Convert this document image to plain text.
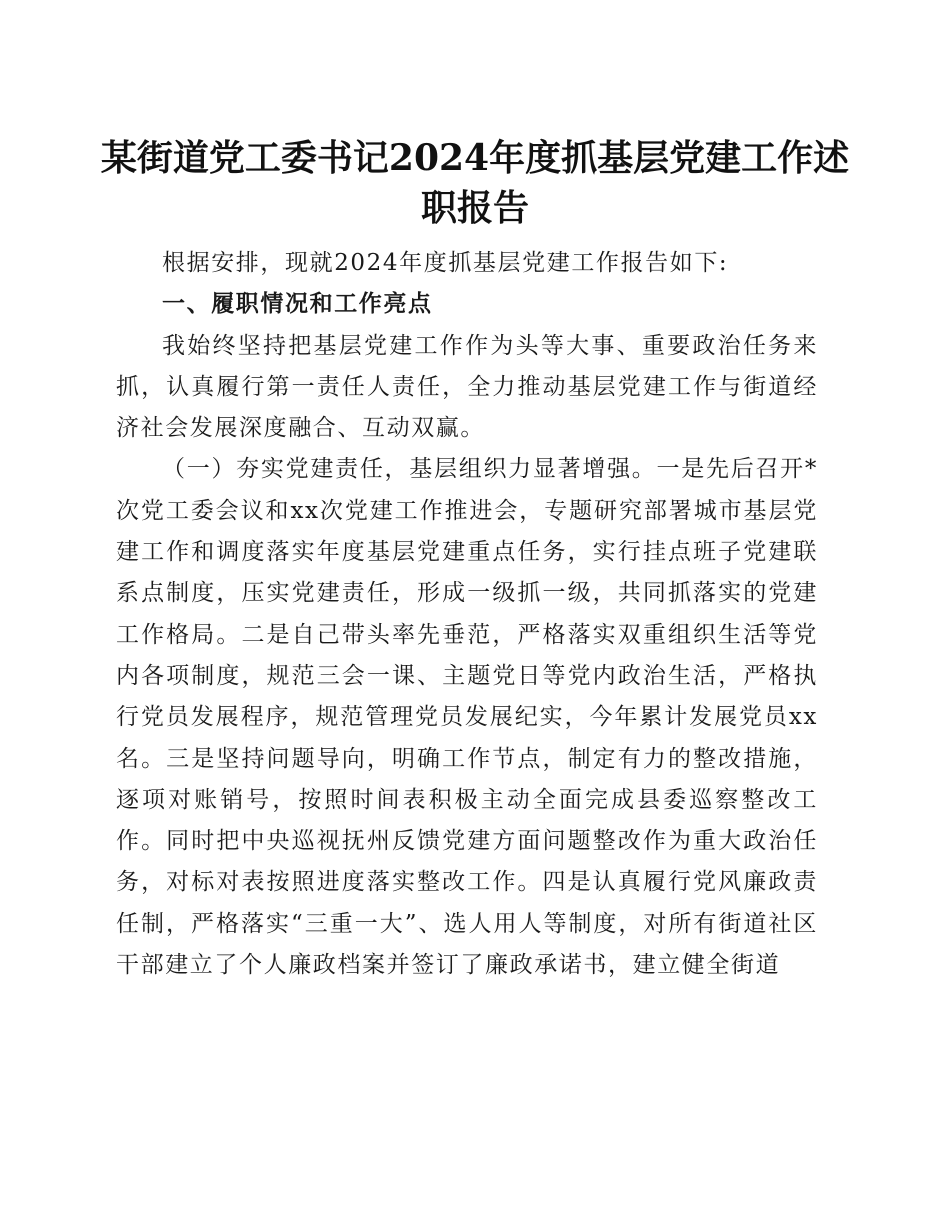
某街道党工委书记2024年度抓基层党建工作述职报告

根据安排，现就2024年度抓基层党建工作报告如下:

一、履职情况和工作亮点

我始终坚持把基层党建工作作为头等大事、重要政治任务来抓，认真履行第一责任人责任，全力推动基层党建工作与街道经济社会发展深度融合、互动双赢。

（一）夯实党建责任，基层组织力显著增强。一是先后召开*次党工委会议和xx次党建工作推进会，专题研究部署城市基层党建工作和调度落实年度基层党建重点任务，实行挂点班子党建联系点制度，压实党建责任，形成一级抓一级，共同抓落实的党建工作格局。二是自己带头率先垂范，严格落实双重组织生活等党内各项制度，规范三会一课、主题党日等党内政治生活，严格执行党员发展程序，规范管理党员发展纪实，今年累计发展党员xx名。三是坚持问题导向，明确工作节点，制定有力的整改措施，逐项对账销号，按照时间表积极主动全面完成县委巡察整改工作。同时把中央巡视抚州反馈党建方面问题整改作为重大政治任务，对标对表按照进度落实整改工作。四是认真履行党风廉政责任制，严格落实“三重一大”、选人用人等制度，对所有街道社区干部建立了个人廉政档案并签订了廉政承诺书，建立健全街道
